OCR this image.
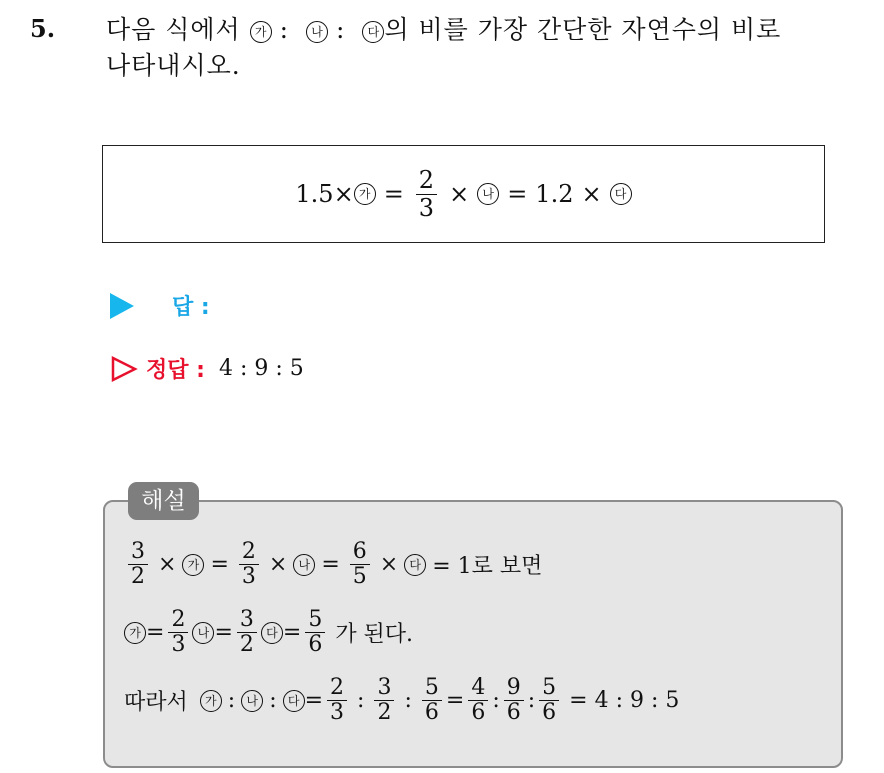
5. 다음 식에서 가 : 나 : 다 의 비를 가장 간단한 자연수의 비로
나타내시오.
1.5× 가 = $\frac{2}{3}$ ×	나 = 1.2 ×	다
답 :
정답 : 4 : 9 : 5
해설
$\frac{3}{2}$ × 가 = $\frac{2}{3}$ × 나 = $\frac{6}{5}$ × 다 = 1로 보면
가 = $\frac{2}{3}$ 나 = $\frac{3}{2}$ 다 = $\frac{5}{6}$ 가 된다.
따라서	가 : 나 : 다 = $\frac{2}{3}$ : $\frac{3}{2}$ : $\frac{5}{6} = \frac{4}{6}$ : $\frac{9}{6}$ : $\frac{5}{6} = 4$ : 9 : 5
